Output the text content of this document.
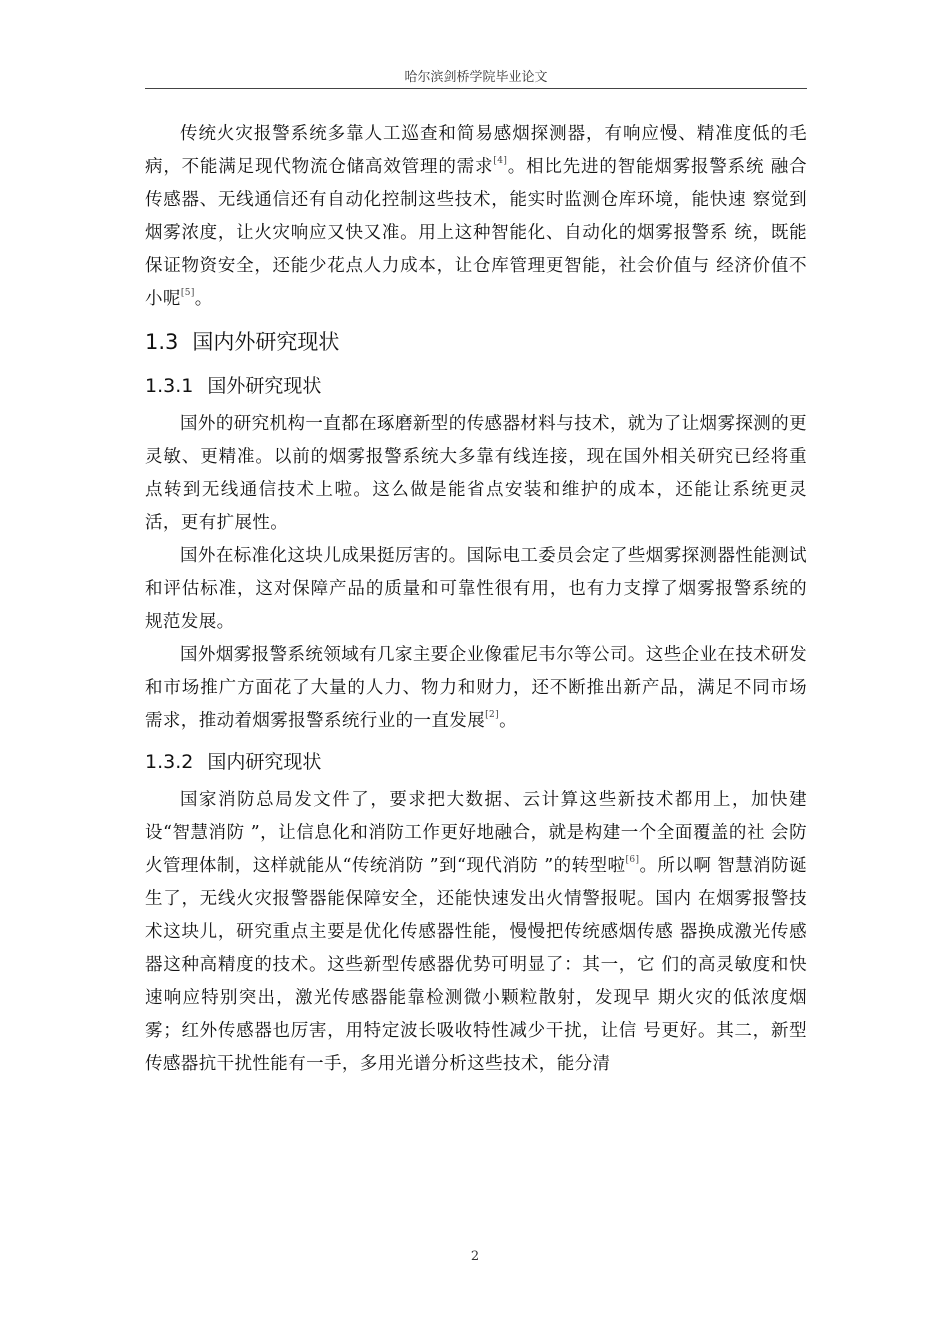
哈尔滨剑桥学院毕业论文

传统火灾报警系统多靠人工巡查和简易感烟探测器，有响应慢、精准度低的毛病，不能满足现代物流仓储高效管理的需求[4]。相比先进的智能烟雾报警系统 融合传感器、无线通信还有自动化控制这些技术，能实时监测仓库环境，能快速 察觉到烟雾浓度，让火灾响应又快又准。用上这种智能化、自动化的烟雾报警系 统，既能保证物资安全，还能少花点人力成本，让仓库管理更智能，社会价值与 经济价值不小呢[5]。

1.3 国内外研究现状
1.3.1 国外研究现状

国外的研究机构一直都在琢磨新型的传感器材料与技术，就为了让烟雾探测的更灵敏、更精准。以前的烟雾报警系统大多靠有线连接，现在国外相关研究已经将重点转到无线通信技术上啦。这么做是能省点安装和维护的成本，还能让系统更灵活，更有扩展性。

国外在标准化这块儿成果挺厉害的。国际电工委员会定了些烟雾探测器性能测试和评估标准，这对保障产品的质量和可靠性很有用，也有力支撑了烟雾报警系统的规范发展。

国外烟雾报警系统领域有几家主要企业像霍尼韦尔等公司。这些企业在技术研发和市场推广方面花了大量的人力、物力和财力，还不断推出新产品，满足不同市场需求，推动着烟雾报警系统行业的一直发展[2]。

1.3.2 国内研究现状

国家消防总局发文件了，要求把大数据、云计算这些新技术都用上，加快建设“智慧消防 ”，让信息化和消防工作更好地融合，就是构建一个全面覆盖的社 会防火管理体制，这样就能从“传统消防 ”到“现代消防 ”的转型啦[6]。所以啊 智慧消防诞生了，无线火灾报警器能保障安全，还能快速发出火情警报呢。国内 在烟雾报警技术这块儿，研究重点主要是优化传感器性能，慢慢把传统感烟传感 器换成激光传感器这种高精度的技术。这些新型传感器优势可明显了：其一，它 们的高灵敏度和快速响应特别突出，激光传感器能靠检测微小颗粒散射，发现早 期火灾的低浓度烟雾；红外传感器也厉害，用特定波长吸收特性减少干扰，让信 号更好。其二，新型传感器抗干扰性能有一手，多用光谱分析这些技术，能分清

2
